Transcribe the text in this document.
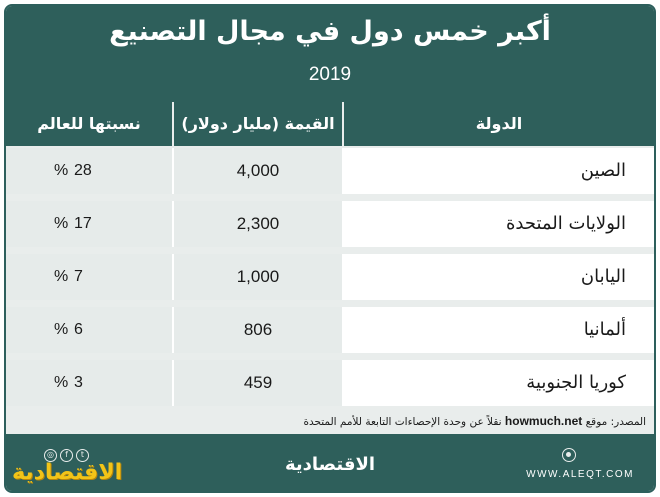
أكبر خمس دول في مجال التصنيع
2019
الدولة
القيمة (مليار دولار)
نسبتها للعالم
الصين
4,000
% 28
الولايات المتحدة
2,300
% 17
اليابان
1,000
% 7
ألمانيا
806
% 6
كوريا الجنوبية
459
% 3
المصدر: موقع howmuch.net نقلاً عن وحدة الإحصاءات التابعة للأمم المتحدة
◎ f t
الاقتصادية	الاقتصادية	WWW.ALEQT.COM
